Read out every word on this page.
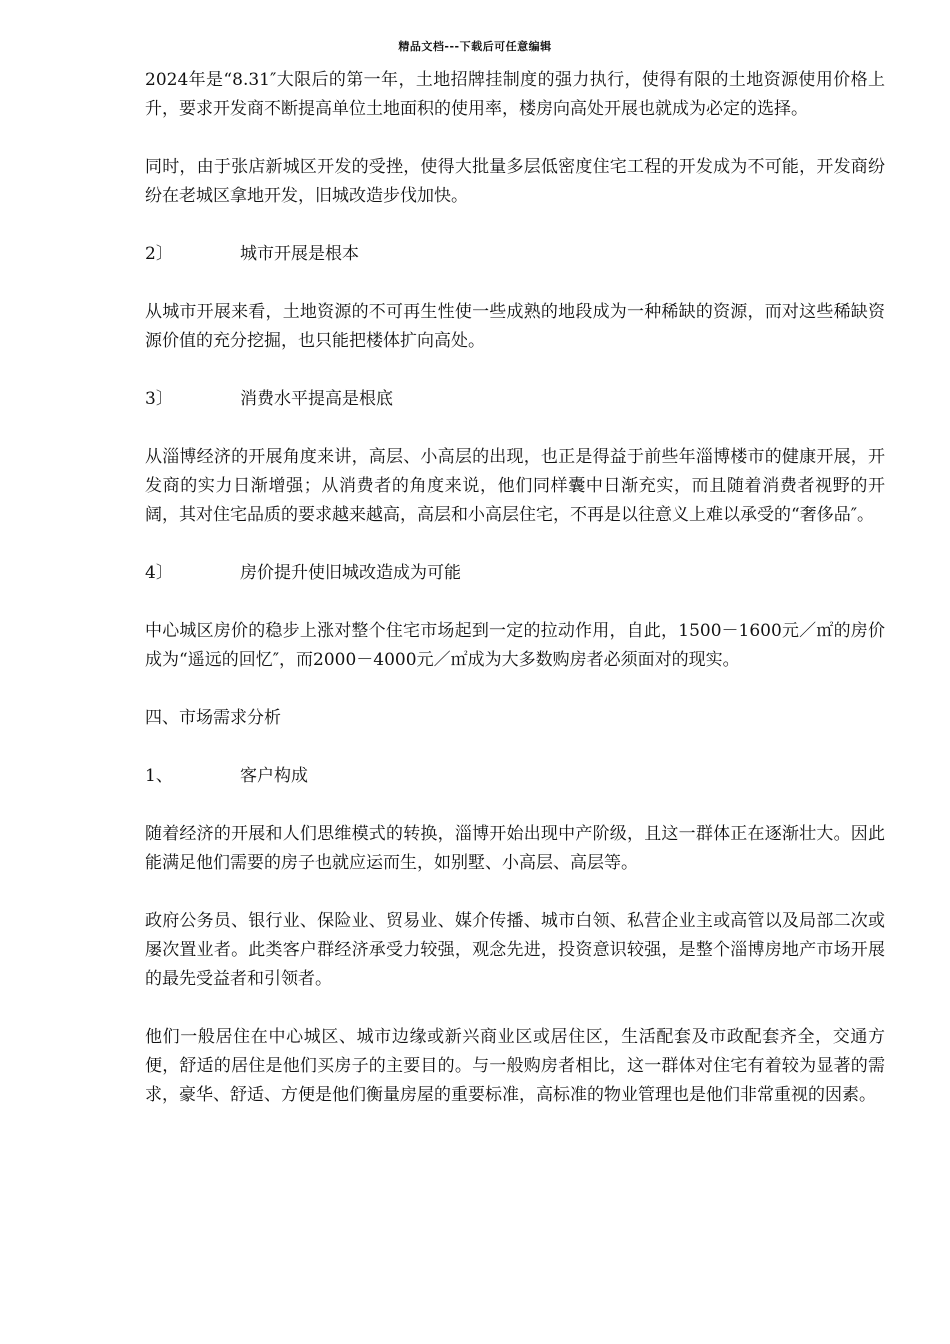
精品文档---下载后可任意编辑

2024年是“8.31″大限后的第一年，土地招牌挂制度的强力执行，使得有限的土地资源使用价格上升，要求开发商不断提高单位土地面积的使用率，楼房向高处开展也就成为必定的选择。

同时，由于张店新城区开发的受挫，使得大批量多层低密度住宅工程的开发成为不可能，开发商纷纷在老城区拿地开发，旧城改造步伐加快。

2〕	城市开展是根本

从城市开展来看，土地资源的不可再生性使一些成熟的地段成为一种稀缺的资源，而对这些稀缺资源价值的充分挖掘，也只能把楼体扩向高处。

3〕	消费水平提高是根底

从淄博经济的开展角度来讲，高层、小高层的出现，也正是得益于前些年淄博楼市的健康开展，开发商的实力日渐增强；从消费者的角度来说，他们同样囊中日渐充实，而且随着消费者视野的开阔，其对住宅品质的要求越来越高，高层和小高层住宅，不再是以往意义上难以承受的“奢侈品″。

4〕	房价提升使旧城改造成为可能

中心城区房价的稳步上涨对整个住宅市场起到一定的拉动作用，自此，1500－1600元／㎡的房价成为“遥远的回忆″，而2000－4000元／㎡成为大多数购房者必须面对的现实。

四、市场需求分析

1、	客户构成

随着经济的开展和人们思维模式的转换，淄博开始出现中产阶级，且这一群体正在逐渐壮大。因此能满足他们需要的房子也就应运而生，如别墅、小高层、高层等。

政府公务员、银行业、保险业、贸易业、媒介传播、城市白领、私营企业主或高管以及局部二次或屡次置业者。此类客户群经济承受力较强，观念先进，投资意识较强，是整个淄博房地产市场开展的最先受益者和引领者。

他们一般居住在中心城区、城市边缘或新兴商业区或居住区，生活配套及市政配套齐全，交通方便，舒适的居住是他们买房子的主要目的。与一般购房者相比，这一群体对住宅有着较为显著的需求，豪华、舒适、方便是他们衡量房屋的重要标准，高标准的物业管理也是他们非常重视的因素。
